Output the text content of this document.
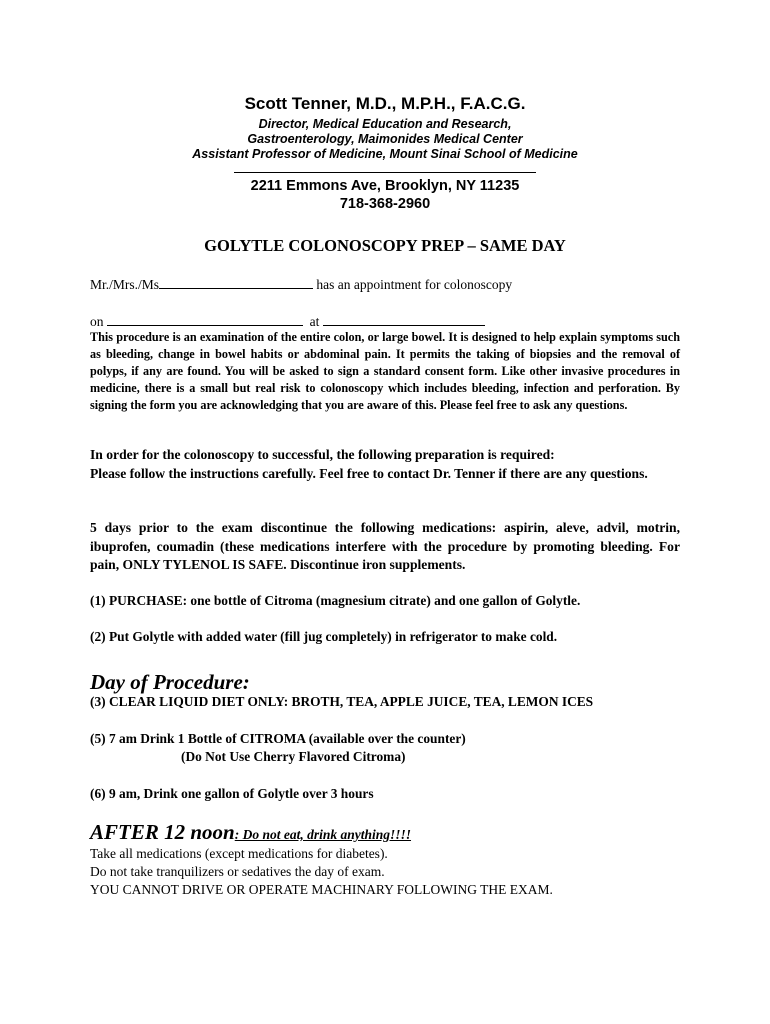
Scott Tenner, M.D., M.P.H., F.A.C.G.
Director, Medical Education and Research,
Gastroenterology, Maimonides Medical Center
Assistant Professor of Medicine, Mount Sinai School of Medicine
2211 Emmons Ave, Brooklyn, NY 11235
718-368-2960
GOLYTLE COLONOSCOPY PREP – SAME DAY
Mr./Mrs./Ms	has an appointment for colonoscopy
on	at
This procedure is an examination of the entire colon, or large bowel. It is designed to help explain symptoms such as bleeding, change in bowel habits or abdominal pain. It permits the taking of biopsies and the removal of polyps, if any are found. You will be asked to sign a standard consent form. Like other invasive procedures in medicine, there is a small but real risk to colonoscopy which includes bleeding, infection and perforation. By signing the form you are acknowledging that you are aware of this. Please feel free to ask any questions.
In order for the colonoscopy to successful, the following preparation is required:
Please follow the instructions carefully. Feel free to contact Dr. Tenner if there are any questions.
5 days prior to the exam discontinue the following medications: aspirin, aleve, advil, motrin, ibuprofen, coumadin (these medications interfere with the procedure by promoting bleeding. For pain, ONLY TYLENOL IS SAFE. Discontinue iron supplements.
(1) PURCHASE: one bottle of Citroma (magnesium citrate) and one gallon of Golytle.
(2) Put Golytle with added water (fill jug completely) in refrigerator to make cold.
Day of Procedure:
(3) CLEAR LIQUID DIET ONLY: BROTH, TEA, APPLE JUICE, TEA, LEMON ICES
(5) 7 am Drink 1 Bottle of CITROMA (available over the counter)
(Do Not Use Cherry Flavored Citroma)
(6) 9 am, Drink one gallon of Golytle over 3 hours
AFTER 12 noon: Do not eat, drink anything!!!!
Take all medications (except medications for diabetes).
Do not take tranquilizers or sedatives the day of exam.
YOU CANNOT DRIVE OR OPERATE MACHINARY FOLLOWING THE EXAM.
